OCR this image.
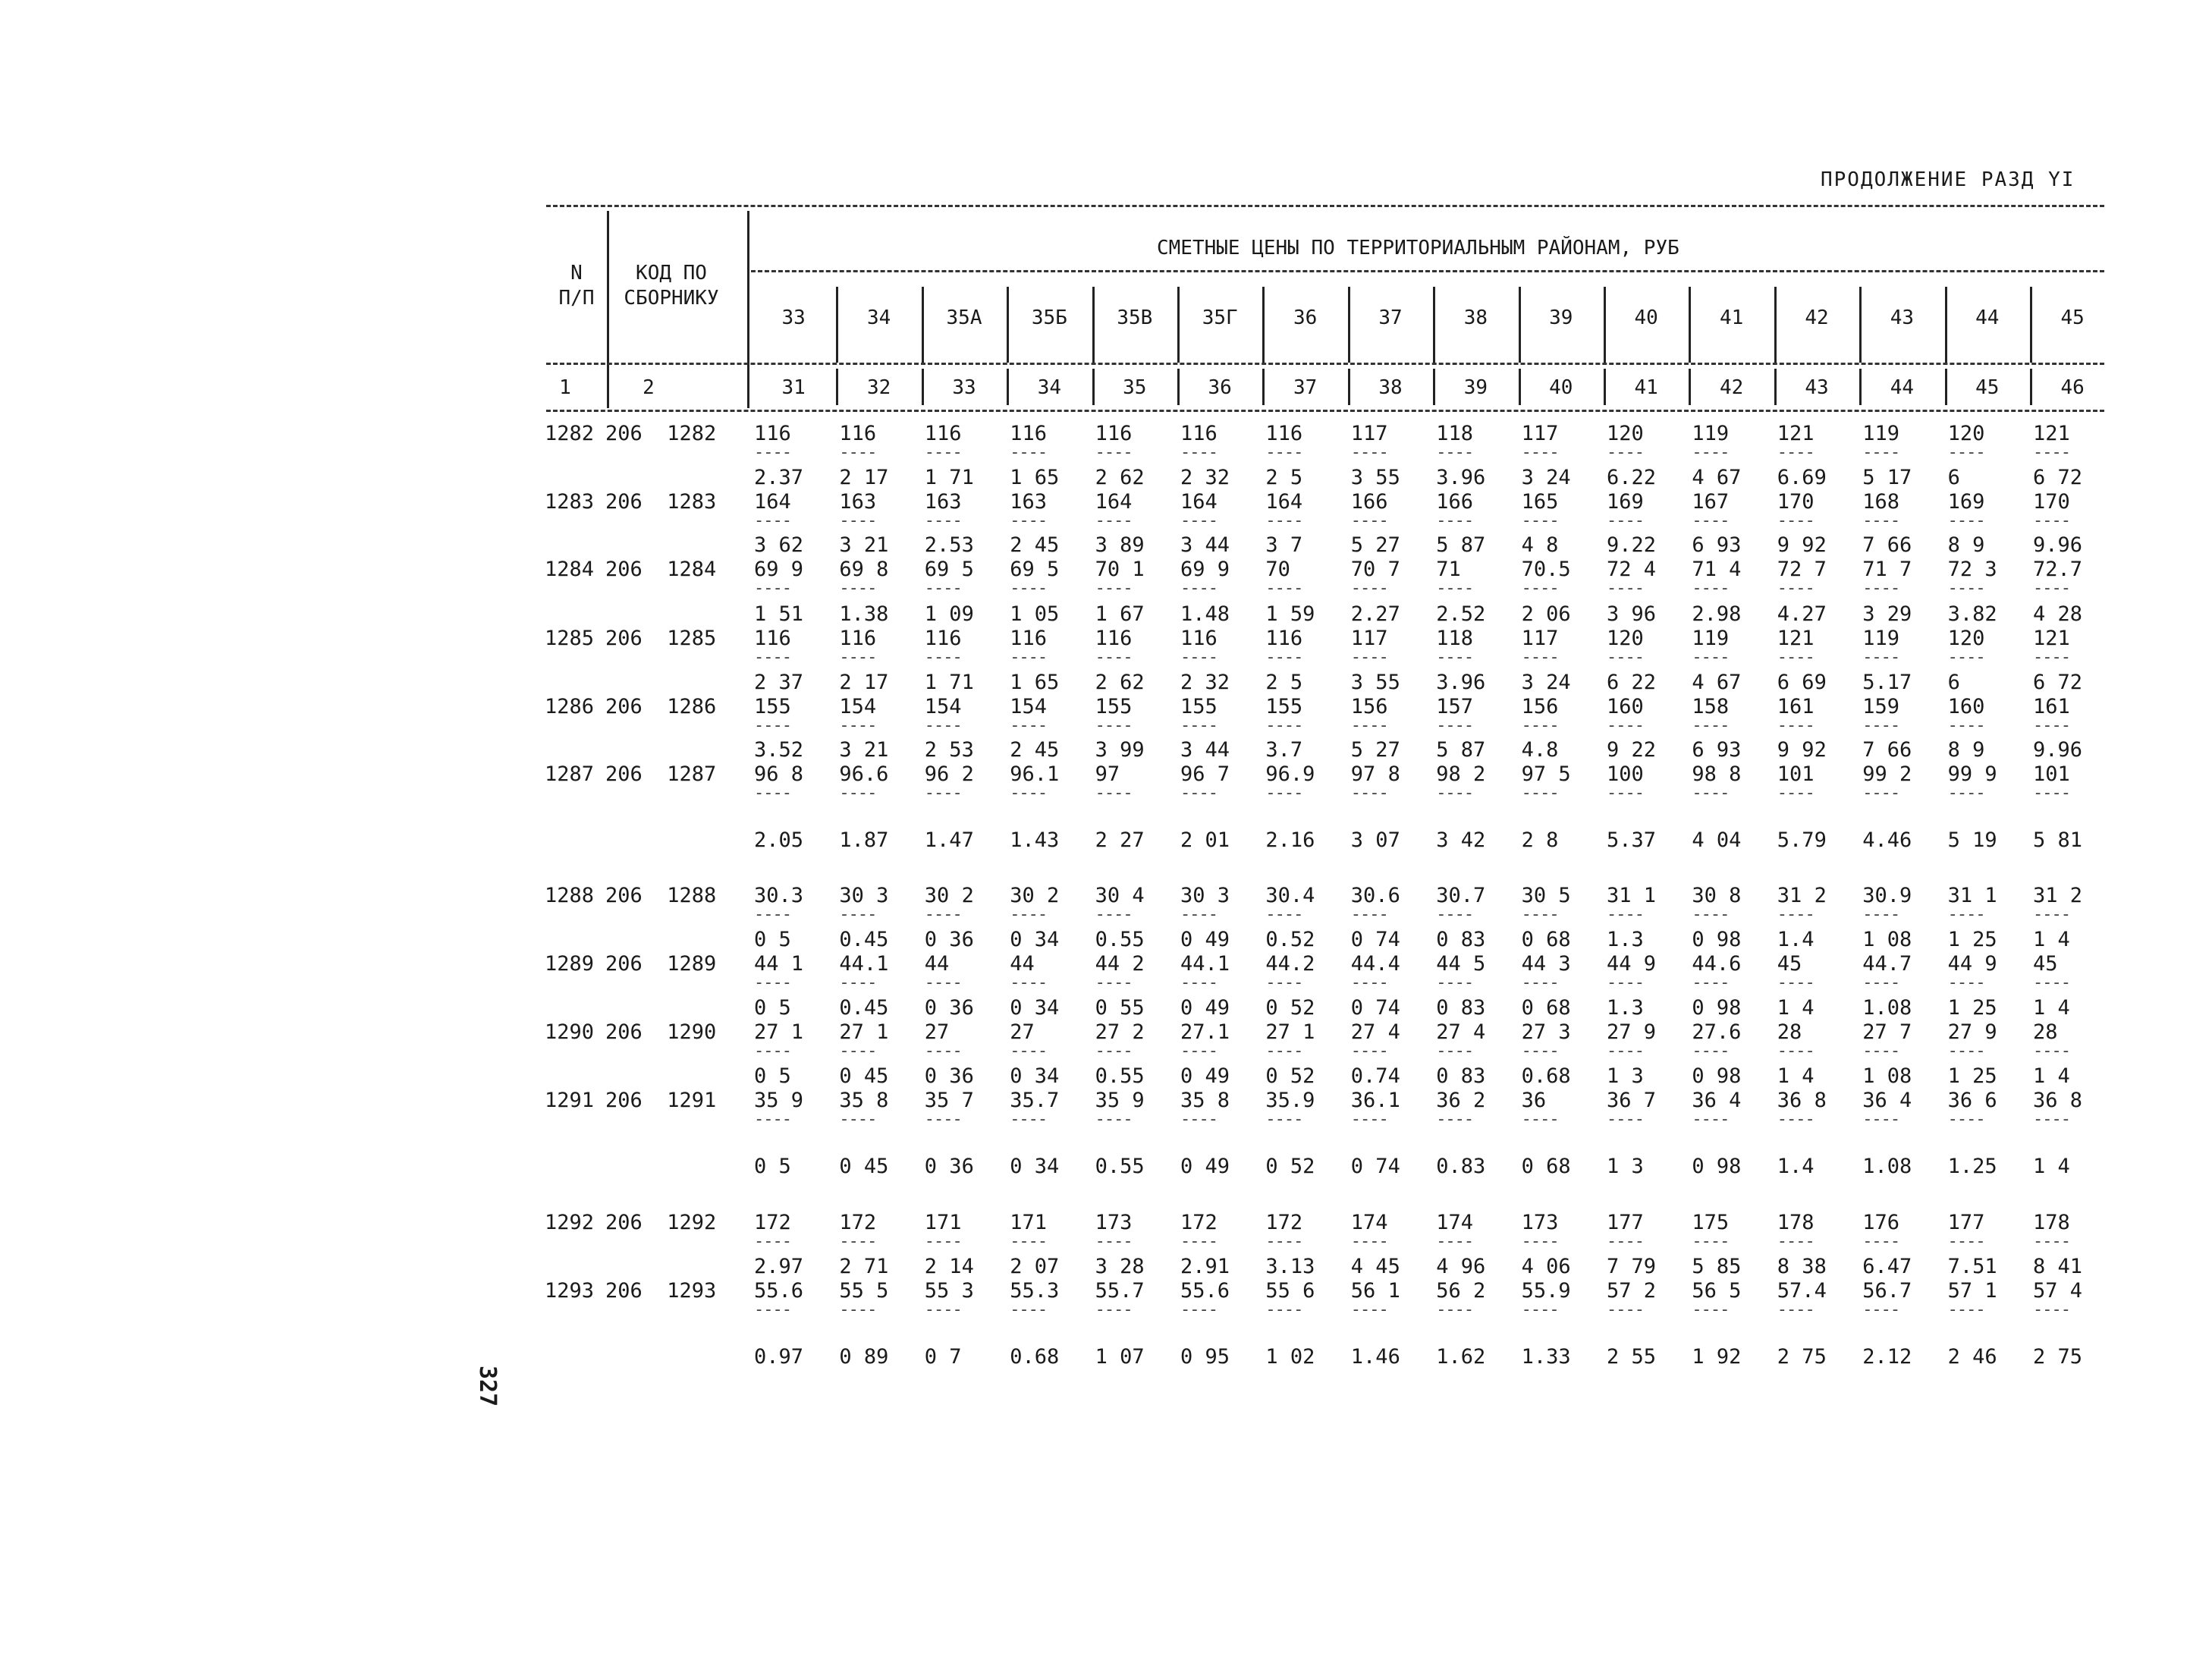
ПРОДОЛЖЕНИЕ РАЗД YI
N
П/П
КОД ПО
СБОРНИКУ
СМЕТНЫЕ ЦЕНЫ ПО ТЕРРИТОРИАЛЬНЫМ РАЙОНАМ, РУБ
33
31
34
32
35А
33
35Б
34
35В
35
35Г
36
36
37
37
38
38
39
39
40
40
41
41
42
42
43
43
44
44
45
45
46
1	2
1282 206  1282 116
----
2.37
116
----
2 17
116
----
1 71
116
----
1 65
116
----
2 62
116
----
2 32
116
----
2 5
117
----
3 55
118
----
3.96
117
----
3 24
120
----
6.22
119
----
4 67
121
----
6.69
119
----
5 17
120
----
6
121
----
6 72
1283 206  1283 164
----
3 62
163
----
3 21
163
----
2.53
163
----
2 45
164
----
3 89
164
----
3 44
164
----
3 7
166
----
5 27
166
----
5 87
165
----
4 8
169
----
9.22
167
----
6 93
170
----
9 92
168
----
7 66
169
----
8 9
170
----
9.96
1284 206  1284 69 9
----
1 51
69 8
----
1.38
69 5
----
1 09
69 5
----
1 05
70 1
----
1 67
69 9
----
1.48
70
----
1 59
70 7
----
2.27
71
----
2.52
70.5
----
2 06
72 4
----
3 96
71 4
----
2.98
72 7
----
4.27
71 7
----
3 29
72 3
----
3.82
72.7
----
4 28
1285 206  1285 116
----
2 37
116
----
2 17
116
----
1 71
116
----
1 65
116
----
2 62
116
----
2 32
116
----
2 5
117
----
3 55
118
----
3.96
117
----
3 24
120
----
6 22
119
----
4 67
121
----
6 69
119
----
5.17
120
----
6
121
----
6 72
1286 206  1286 155
----
3.52
154
----
3 21
154
----
2 53
154
----
2 45
155
----
3 99
155
----
3 44
155
----
3.7
156
----
5 27
157
----
5 87
156
----
4.8
160
----
9 22
158
----
6 93
161
----
9 92
159
----
7 66
160
----
8 9
161
----
9.96
1287 206  1287 96 8
----
2.05
96.6
----
1.87
96 2
----
1.47
96.1
----
1.43
97
----
2 27
96 7
----
2 01
96.9
----
2.16
97 8
----
3 07
98 2
----
3 42
97 5
----
2 8
100
----
5.37
98 8
----
4 04
101
----
5.79
99 2
----
4.46
99 9
----
5 19
101
----
5 81
1288 206  1288 30.3
----
0 5
30 3
----
0.45
30 2
----
0 36
30 2
----
0 34
30 4
----
0.55
30 3
----
0 49
30.4
----
0.52
30.6
----
0 74
30.7
----
0 83
30 5
----
0 68
31 1
----
1.3
30 8
----
0 98
31 2
----
1.4
30.9
----
1 08
31 1
----
1 25
31 2
----
1 4
1289 206  1289 44 1
----
0 5
44.1
----
0.45
44
----
0 36
44
----
0 34
44 2
----
0 55
44.1
----
0 49
44.2
----
0 52
44.4
----
0 74
44 5
----
0 83
44 3
----
0 68
44 9
----
1.3
44.6
----
0 98
45
----
1 4
44.7
----
1.08
44 9
----
1 25
45
----
1 4
1290 206  1290 27 1
----
0 5
27 1
----
0 45
27
----
0 36
27
----
0 34
27 2
----
0.55
27.1
----
0 49
27 1
----
0 52
27 4
----
0.74
27 4
----
0 83
27 3
----
0.68
27 9
----
1 3
27.6
----
0 98
28
----
1 4
27 7
----
1 08
27 9
----
1 25
28
----
1 4
1291 206  1291 35 9
----
0 5
35 8
----
0 45
35 7
----
0 36
35.7
----
0 34
35 9
----
0.55
35 8
----
0 49
35.9
----
0 52
36.1
----
0 74
36 2
----
0.83
36
----
0 68
36 7
----
1 3
36 4
----
0 98
36 8
----
1.4
36 4
----
1.08
36 6
----
1.25
36 8
----
1 4
1292 206  1292 172
----
2.97
172
----
2 71
171
----
2 14
171
----
2 07
173
----
3 28
172
----
2.91
172
----
3.13
174
----
4 45
174
----
4 96
173
----
4 06
177
----
7 79
175
----
5 85
178
----
8 38
176
----
6.47
177
----
7.51
178
----
8 41
1293 206  1293 55.6
----
0.97
55 5
----
0 89
55 3
----
0 7
55.3
----
0.68
55.7
----
1 07
55.6
----
0 95
55 6
----
1 02
56 1
----
1.46
56 2
----
1.62
55.9
----
1.33
57 2
----
2 55
56 5
----
1 92
57.4
----
2 75
56.7
----
2.12
57 1
----
2 46
57 4
----
2 75
327
